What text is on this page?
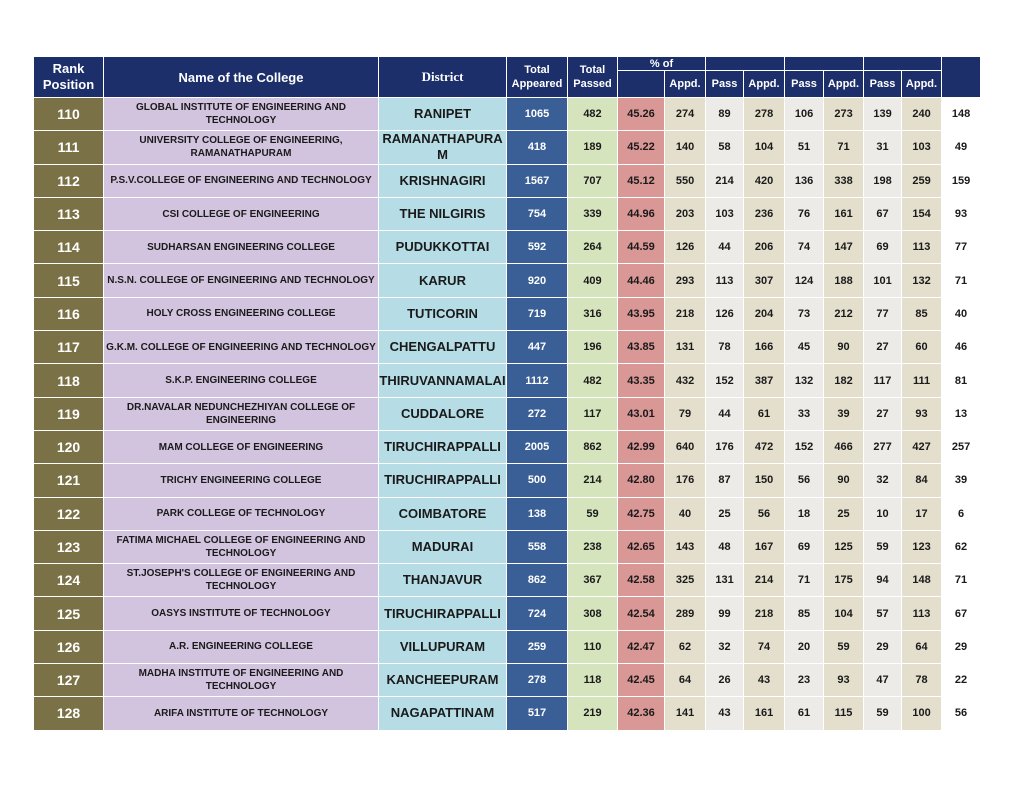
Rank Position	Name of the College	District	Total Appeared	Total Passed	% of								
						Appd.	Pass	Appd.	Pass	Appd.	Pass	Appd.	
110	GLOBAL INSTITUTE OF ENGINEERING AND TECHNOLOGY	RANIPET	1065	482	45.26	274	89	278	106	273	139	240	148
111	UNIVERSITY COLLEGE OF ENGINEERING, RAMANATHAPURAM	RAMANATHAPURA M	418	189	45.22	140	58	104	51	71	31	103	49
112	P.S.V.COLLEGE OF ENGINEERING AND TECHNOLOGY	KRISHNAGIRI	1567	707	45.12	550	214	420	136	338	198	259	159
113	CSI COLLEGE OF ENGINEERING	THE NILGIRIS	754	339	44.96	203	103	236	76	161	67	154	93
114	SUDHARSAN ENGINEERING COLLEGE	PUDUKKOTTAI	592	264	44.59	126	44	206	74	147	69	113	77
115	N.S.N. COLLEGE OF ENGINEERING AND TECHNOLOGY	KARUR	920	409	44.46	293	113	307	124	188	101	132	71
116	HOLY CROSS ENGINEERING COLLEGE	TUTICORIN	719	316	43.95	218	126	204	73	212	77	85	40
117	G.K.M. COLLEGE OF ENGINEERING AND TECHNOLOGY	CHENGALPATTU	447	196	43.85	131	78	166	45	90	27	60	46
118	S.K.P. ENGINEERING COLLEGE	THIRUVANNAMALAI	1112	482	43.35	432	152	387	132	182	117	111	81
119	DR.NAVALAR NEDUNCHEZHIYAN COLLEGE OF ENGINEERING	CUDDALORE	272	117	43.01	79	44	61	33	39	27	93	13
120	MAM COLLEGE OF ENGINEERING	TIRUCHIRAPPALLI	2005	862	42.99	640	176	472	152	466	277	427	257
121	TRICHY ENGINEERING COLLEGE	TIRUCHIRAPPALLI	500	214	42.80	176	87	150	56	90	32	84	39
122	PARK COLLEGE OF TECHNOLOGY	COIMBATORE	138	59	42.75	40	25	56	18	25	10	17	6
123	FATIMA MICHAEL COLLEGE OF ENGINEERING AND TECHNOLOGY	MADURAI	558	238	42.65	143	48	167	69	125	59	123	62
124	ST.JOSEPH'S COLLEGE OF ENGINEERING AND TECHNOLOGY	THANJAVUR	862	367	42.58	325	131	214	71	175	94	148	71
125	OASYS INSTITUTE OF TECHNOLOGY	TIRUCHIRAPPALLI	724	308	42.54	289	99	218	85	104	57	113	67
126	A.R. ENGINEERING COLLEGE	VILLUPURAM	259	110	42.47	62	32	74	20	59	29	64	29
127	MADHA INSTITUTE OF ENGINEERING AND TECHNOLOGY	KANCHEEPURAM	278	118	42.45	64	26	43	23	93	47	78	22
128	ARIFA INSTITUTE OF TECHNOLOGY	NAGAPATTINAM	517	219	42.36	141	43	161	61	115	59	100	56
